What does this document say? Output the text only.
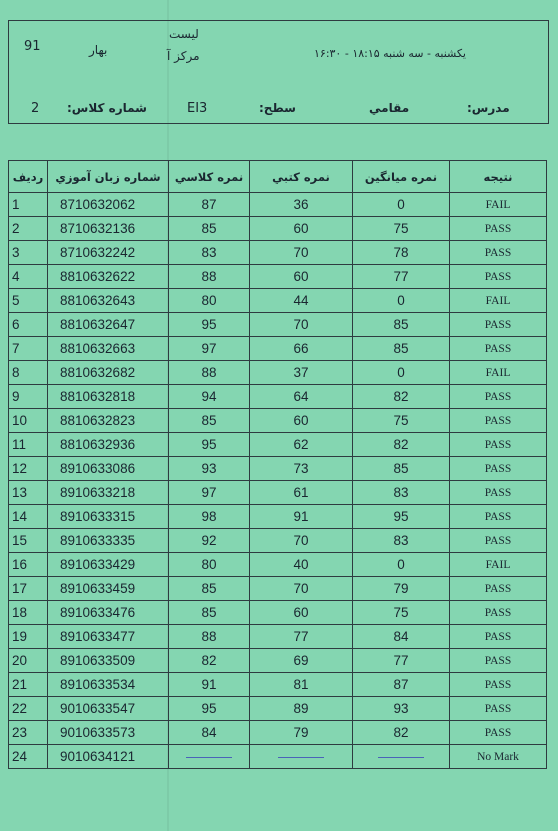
91	بهار
ليست
مركز آ	يكشنبه - سه شنبه ۱۸:۱۵ - ۱۶:۳۰
2 شماره كلاس:	EI3	سطح:	مقامي	مدرس:
رديف	شماره زبان آموزي	نمره كلاسي	نمره كتبي	نمره ميانگين	نتيجه
1	8710632062	87	36	0	FAIL
2	8710632136	85	60	75	PASS
3	8710632242	83	70	78	PASS
4	8810632622	88	60	77	PASS
5	8810632643	80	44	0	FAIL
6	8810632647	95	70	85	PASS
7	8810632663	97	66	85	PASS
8	8810632682	88	37	0	FAIL
9	8810632818	94	64	82	PASS
10	8810632823	85	60	75	PASS
11	8810632936	95	62	82	PASS
12	8910633086	93	73	85	PASS
13	8910633218	97	61	83	PASS
14	8910633315	98	91	95	PASS
15	8910633335	92	70	83	PASS
16	8910633429	80	40	0	FAIL
17	8910633459	85	70	79	PASS
18	8910633476	85	60	75	PASS
19	8910633477	88	77	84	PASS
20	8910633509	82	69	77	PASS
21	8910633534	91	81	87	PASS
22	9010633547	95	89	93	PASS
23	9010633573	84	79	82	PASS
24	9010634121				No Mark
